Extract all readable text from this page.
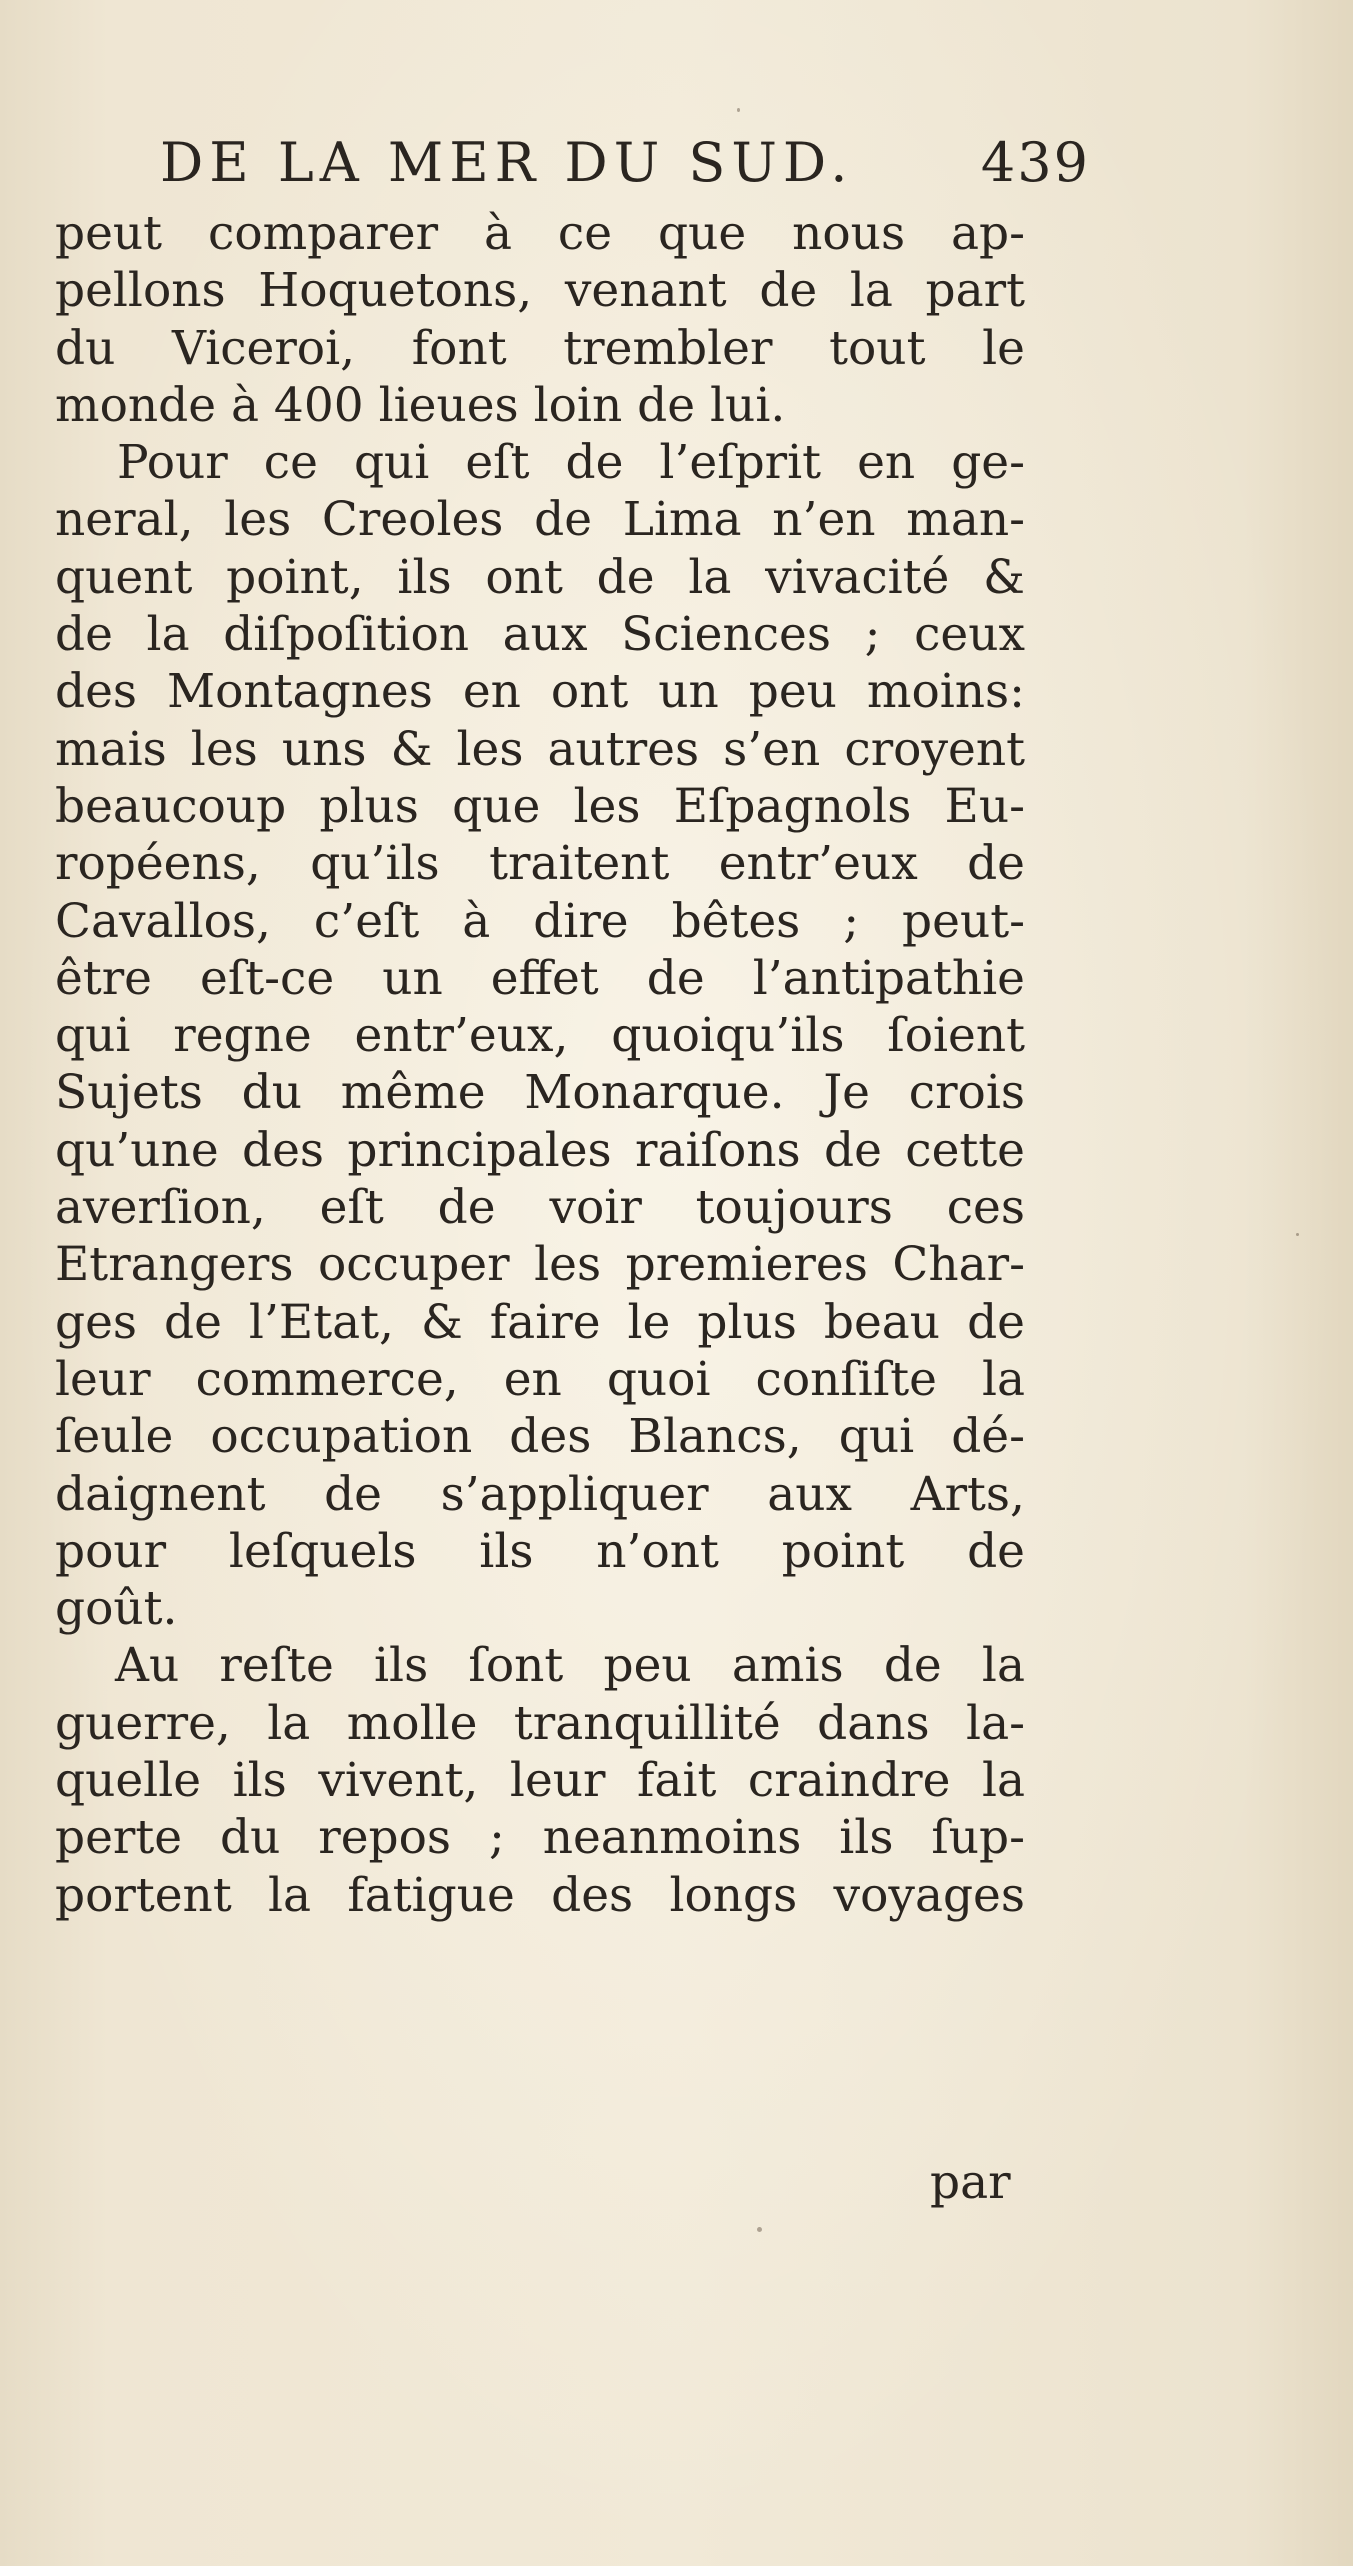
DE LA MER DU SUD. 439
peut comparer à ce que nous ap-
pellons Hoquetons, venant de la part
du Viceroi, font trembler tout le
monde à 400 lieues loin de lui.
Pour ce qui eſt de l’eſprit en ge-
neral, les Creoles de Lima n’en man-
quent point, ils ont de la vivacité &
de la diſpoſition aux Sciences ; ceux
des Montagnes en ont un peu moins:
mais les uns & les autres s’en croyent
beaucoup plus que les Eſpagnols Eu-
ropéens, qu’ils traitent entr’eux de
Cavallos, c’eſt à dire bêtes ; peut-
être eſt-ce un effet de l’antipathie
qui regne entr’eux, quoiqu’ils ſoient
Sujets du même Monarque. Je crois
qu’une des principales raiſons de cette
averſion, eſt de voir toujours ces
Etrangers occuper les premieres Char-
ges de l’Etat, & faire le plus beau de
leur commerce, en quoi conſiſte la
ſeule occupation des Blancs, qui dé-
daignent de s’appliquer aux Arts,
pour leſquels ils n’ont point de
goût.
Au reſte ils ſont peu amis de la
guerre, la molle tranquillité dans la-
quelle ils vivent, leur fait craindre la
perte du repos ; neanmoins ils ſup-
portent la fatigue des longs voyages
par
